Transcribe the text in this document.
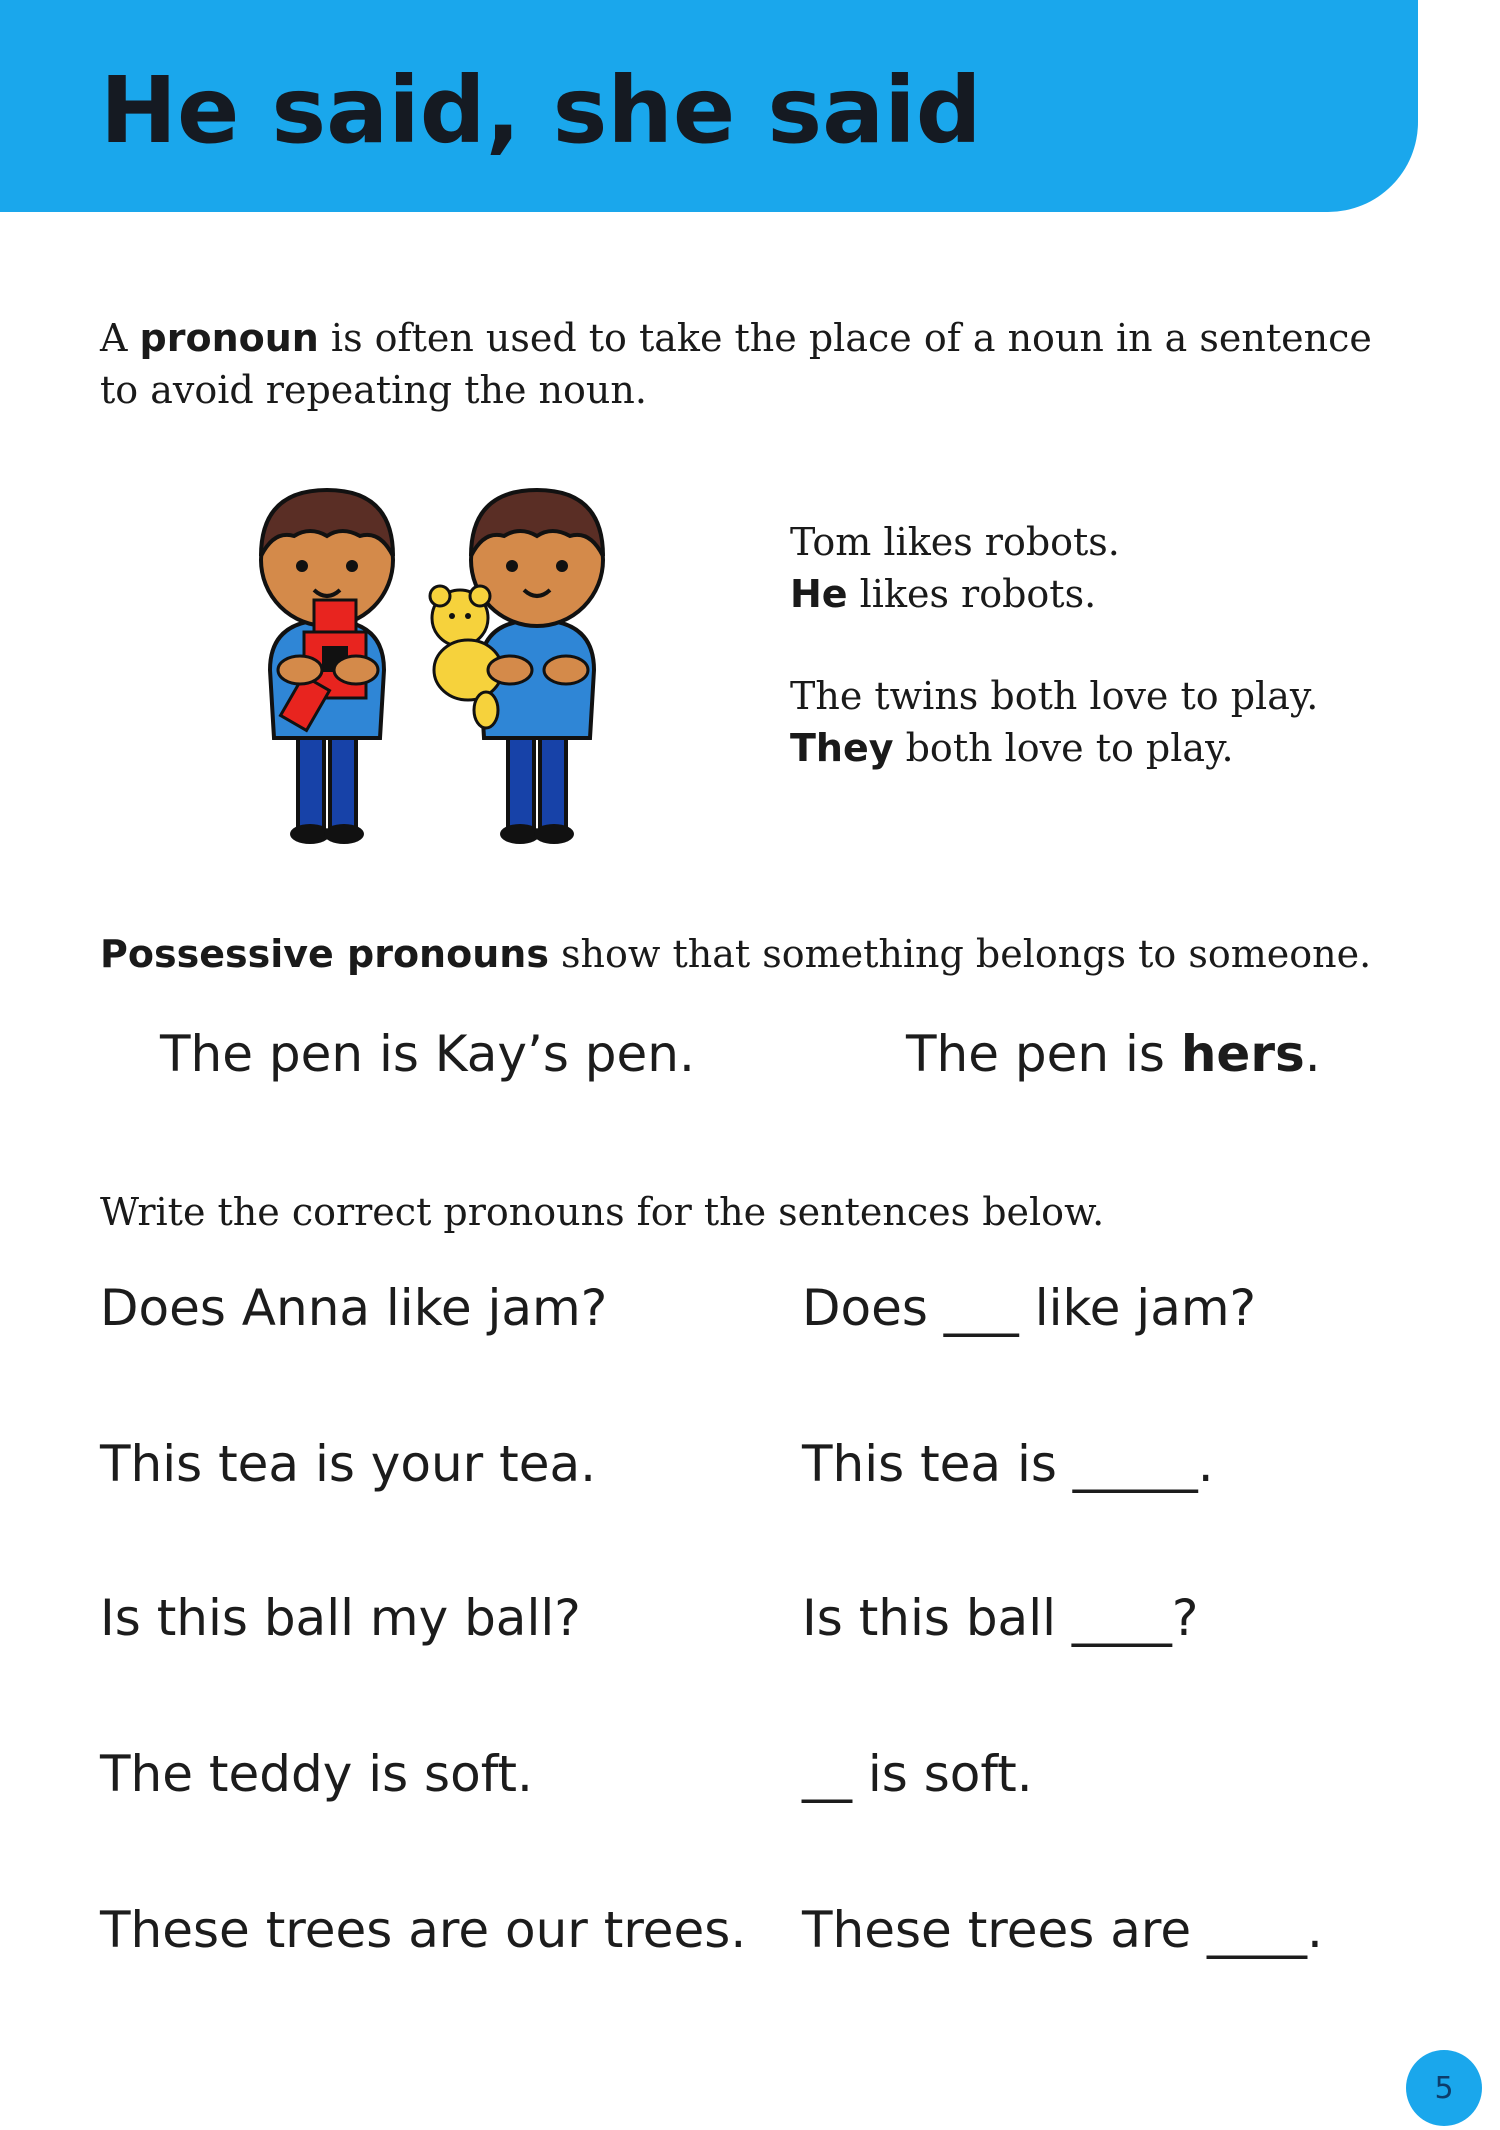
He said, she said

A pronoun is often used to take the place of a noun in a sentence to avoid repeating the noun.

Tom likes robots.
He likes robots.
The twins both love to play.
They both love to play.
Possessive pronouns show that something belongs to someone.
The pen is Kay’s pen.	The pen is hers.
Write the correct pronouns for the sentences below.
Does Anna like jam?	Does ___ like jam?
This tea is your tea.	This tea is _____.
Is this ball my ball?	Is this ball ____?
The teddy is soft.	__ is soft.
These trees are our trees. These trees are ____.
5
